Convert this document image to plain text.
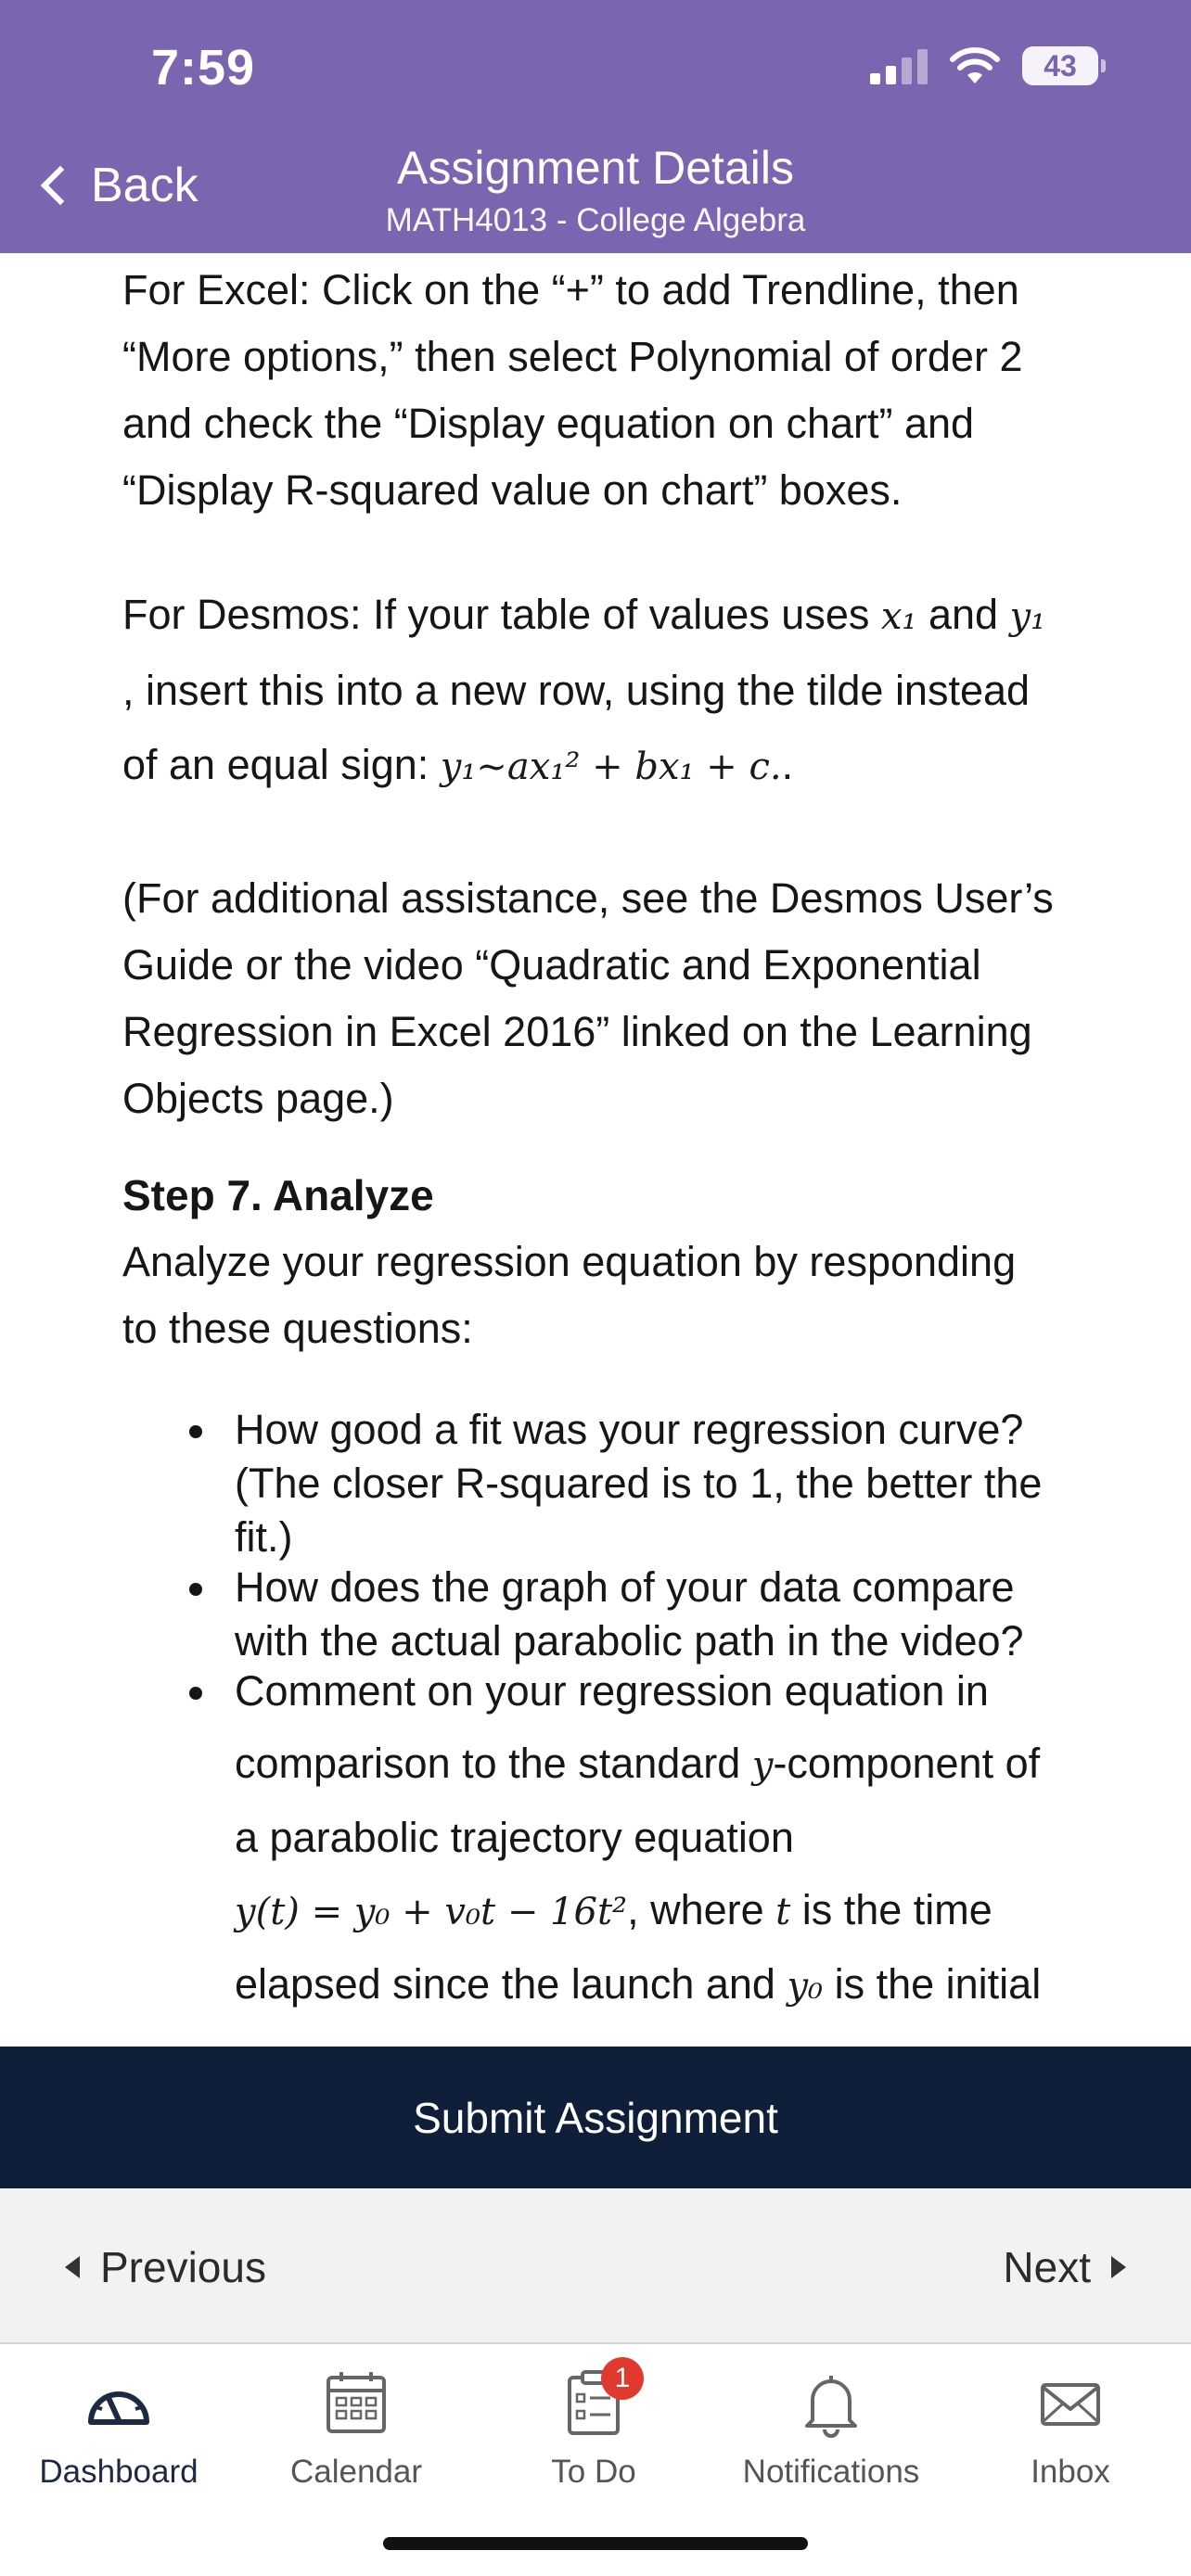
7:59	43
Back	Assignment Details
MATH4013 - College Algebra
For Excel: Click on the “+” to add Trendline, then
“More options,” then select Polynomial of order 2
and check the “Display equation on chart” and
“Display R-squared value on chart” boxes.
For Desmos: If your table of values uses x₁ and y₁
, insert this into a new row, using the tilde instead
of an equal sign: y₁~ax₁² + bx₁ + c..
(For additional assistance, see the Desmos User’s
Guide or the video “Quadratic and Exponential
Regression in Excel 2016” linked on the Learning
Objects page.)
Step 7. Analyze
Analyze your regression equation by responding
to these questions:
How good a fit was your regression curve?
(The closer R-squared is to 1, the better the
fit.)
How does the graph of your data compare
with the actual parabolic path in the video?
Comment on your regression equation in
comparison to the standard y-component of
a parabolic trajectory equation
y(t) = y₀ + v₀t − 16t², where t is the time
elapsed since the launch and y₀ is the initial
Submit Assignment
Previous	Next
Dashboard	Calendar
1
To Do	Notifications	Inbox
